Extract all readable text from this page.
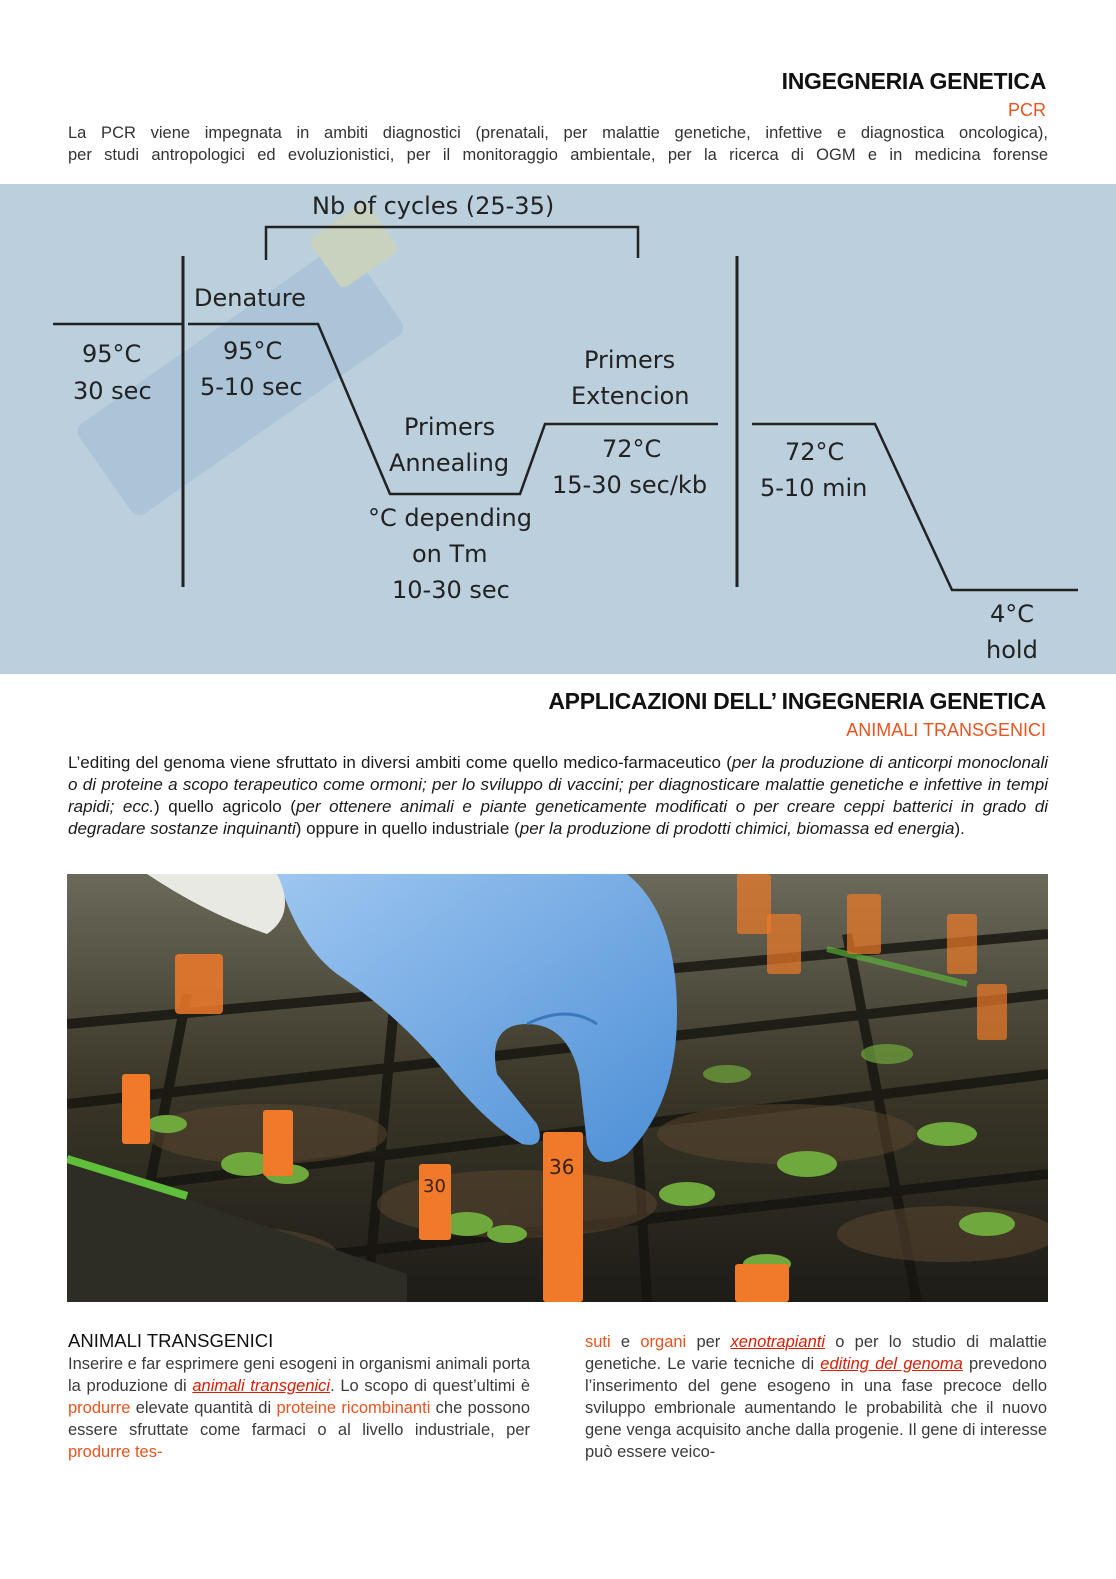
INGEGNERIA GENETICA
PCR

La PCR viene impegnata in ambiti diagnostici (prenatali, per malattie genetiche, infettive e diagnostica oncologica),
per studi antropologici ed evoluzionistici, per il monitoraggio ambientale, per la ricerca di OGM e in medicina forense

Nb of cycles (25-35)
95°C
30 sec
Denature
95°C
5-10 sec
Primers
Annealing
°C depending
on Tm
10-30 sec
Primers
Extencion
72°C
15-30 sec/kb
72°C
5-10 min
4°C
hold
APPLICAZIONI DELL’ INGEGNERIA GENETICA
ANIMALI TRANSGENICI

L’editing del genoma viene sfruttato in diversi ambiti come quello medico-farmaceutico (per la produzione di anticorpi monoclonali o di proteine a scopo terapeutico come ormoni; per lo sviluppo di vaccini; per diagnosticare malattie genetiche e infettive in tempi rapidi; ecc.) quello agricolo (per ottenere animali e piante geneticamente modificati o per creare ceppi batterici in grado di degradare sostanze inquinanti) oppure in quello industriale (per la produzione di prodotti chimici, biomassa ed energia).

30
36
ANIMALI TRANSGENICI

Inserire e far esprimere geni esogeni in organismi animali porta la produzione di animali transgenici. Lo scopo di quest’ultimi è produrre elevate quantità di proteine ricombinanti che possono essere sfruttate come farmaci o al livello industriale, per produrre tes-

suti e organi per xenotrapianti o per lo studio di malattie genetiche. Le varie tecniche di editing del genoma prevedono l’inserimento del gene esogeno in una fase precoce dello sviluppo embrionale aumentando le probabilità che il nuovo gene venga acquisito anche dalla progenie. Il gene di interesse può essere veico-
